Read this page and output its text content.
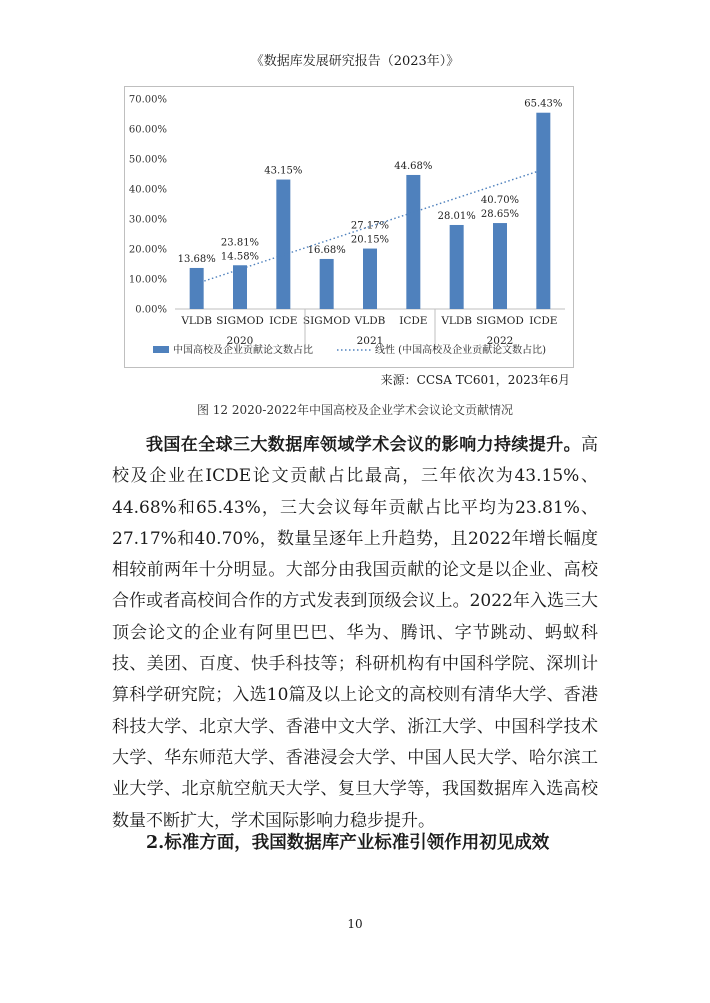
《数据库发展研究报告（2023年）》
0.00%
10.00%
20.00%
30.00%
40.00%
50.00%
60.00%
70.00%
VLDB
13.68%
SIGMOD
14.58%
ICDE
43.15%
2020
23.81%
SIGMOD
16.68%
VLDB
20.15%
ICDE
44.68%
2021
27.17%
VLDB
28.01%
SIGMOD
28.65%
ICDE
65.43%
2022
40.70%
中国高校及企业贡献论文数占比	线性 (中国高校及企业贡献论文数占比)
来源：CCSA TC601，2023年6月
图 12 2020-2022年中国高校及企业学术会议论文贡献情况
我国在全球三大数据库领域学术会议的影响力持续提升。高校及企业在ICDE论文贡献占比最高，三年依次为43.15%、44.68%和65.43%，三大会议每年贡献占比平均为23.81%、27.17%和40.70%，数量呈逐年上升趋势，且2022年增长幅度相较前两年十分明显。大部分由我国贡献的论文是以企业、高校合作或者高校间合作的方式发表到顶级会议上。2022年入选三大顶会论文的企业有阿里巴巴、华为、腾讯、字节跳动、蚂蚁科技、美团、百度、快手科技等；科研机构有中国科学院、深圳计算科学研究院；入选10篇及以上论文的高校则有清华大学、香港科技大学、北京大学、香港中文大学、浙江大学、中国科学技术大学、华东师范大学、香港浸会大学、中国人民大学、哈尔滨工业大学、北京航空航天大学、复旦大学等，我国数据库入选高校数量不断扩大，学术国际影响力稳步提升。
2.标准方面，我国数据库产业标准引领作用初见成效
10
